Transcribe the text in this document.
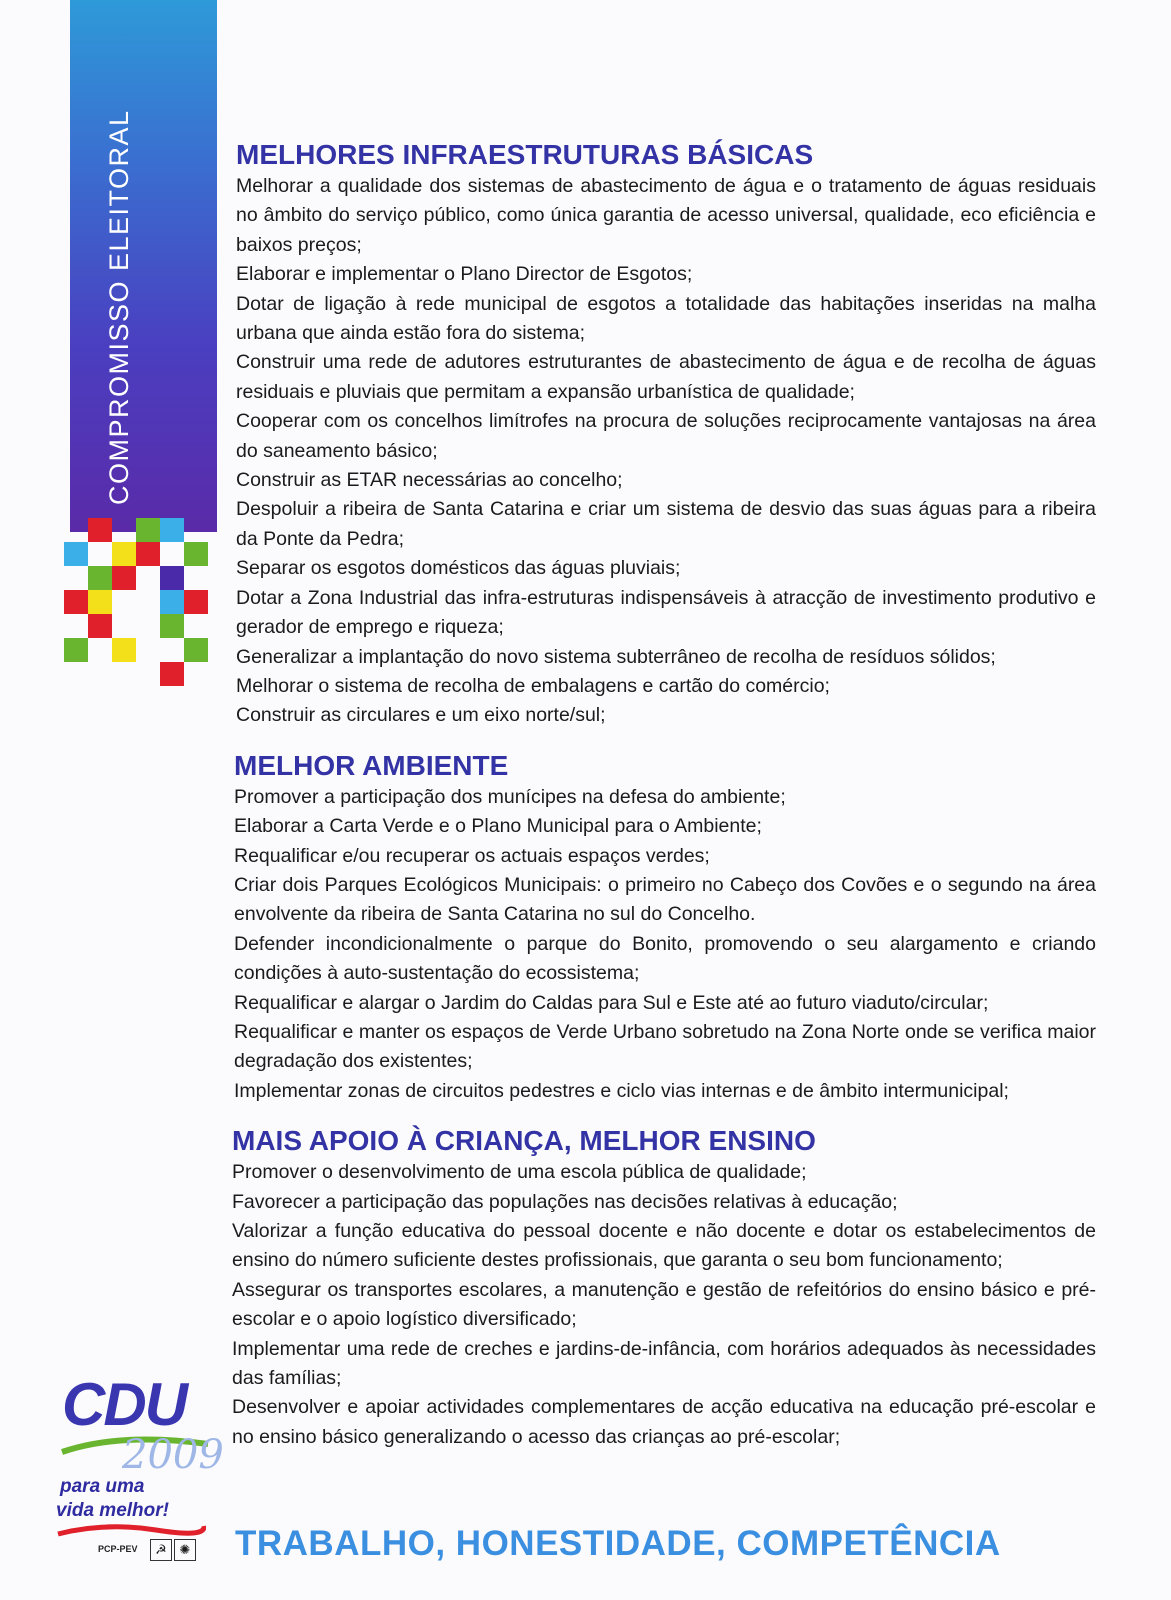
COMPROMISSO ELEITORAL	MELHORES INFRAESTRUTURAS BÁSICAS

Melhorar a qualidade dos sistemas de abastecimento de água e o tratamento de águas residuais no âmbito do serviço público, como única garantia de acesso universal, qualidade, eco eficiência e baixos preços;

Elaborar e implementar o Plano Director de Esgotos;

Dotar de ligação à rede municipal de esgotos a totalidade das habitações inseridas na malha urbana que ainda estão fora do sistema;

Construir uma rede de adutores estruturantes de abastecimento de água e de recolha de águas residuais e pluviais que permitam a expansão urbanística de qualidade;

Cooperar com os concelhos limítrofes na procura de soluções reciprocamente vantajosas na área do saneamento básico;

Construir as ETAR necessárias ao concelho;

Despoluir a ribeira de Santa Catarina e criar um sistema de desvio das suas águas para a ribeira da Ponte da Pedra;

Separar os esgotos domésticos das águas pluviais;

Dotar a Zona Industrial das infra-estruturas indispensáveis à atracção de investimento produtivo e gerador de emprego e riqueza;

Generalizar a implantação do novo sistema subterrâneo de recolha de resíduos sólidos;

Melhorar o sistema de recolha de embalagens e cartão do comércio;

Construir as circulares e um eixo norte/sul;

MELHOR AMBIENTE

Promover a participação dos munícipes na defesa do ambiente;

Elaborar a Carta Verde e o Plano Municipal para o Ambiente;

Requalificar e/ou recuperar os actuais espaços verdes;

Criar dois Parques Ecológicos Municipais: o primeiro no Cabeço dos Covões e o segundo na área envolvente da ribeira de Santa Catarina no sul do Concelho.

Defender incondicionalmente o parque do Bonito, promovendo o seu alargamento e criando condições à auto-sustentação do ecossistema;

Requalificar e alargar o Jardim do Caldas para Sul e Este até ao futuro viaduto/circular;

Requalificar e manter os espaços de Verde Urbano sobretudo na Zona Norte onde se verifica maior degradação dos existentes;

Implementar zonas de circuitos pedestres e ciclo vias internas e de âmbito intermunicipal;

MAIS APOIO À CRIANÇA, MELHOR ENSINO

Promover o desenvolvimento de uma escola pública de qualidade;

Favorecer a participação das populações nas decisões relativas à educação;

Valorizar a função educativa do pessoal docente e não docente e dotar os estabelecimentos de ensino do número suficiente destes profissionais, que garanta o seu bom funcionamento;

Assegurar os transportes escolares, a manutenção e gestão de refeitórios do ensino básico e pré-escolar e o apoio logístico diversificado;

Implementar uma rede de creches e jardins-de-infância, com horários adequados às necessidades das famílias;

Desenvolver e apoiar actividades complementares de acção educativa na educação pré-escolar e no ensino básico generalizando o acesso das crianças ao pré-escolar;

CDU
2009
para uma
vida melhor!
PCP-PEV	☭ ✺ TRABALHO, HONESTIDADE, COMPETÊNCIA
